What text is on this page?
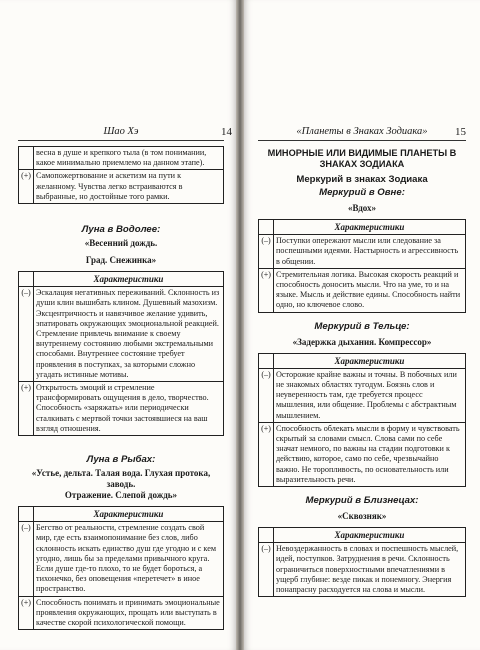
Шао Хэ	14
	весна в душе и крепкого тыла (в том понимании, какое минимально приемлемо на данном этапе).
(+)	Самопожертвование и аскетизм на пути к желанному. Чувства легко встраиваются в выбранные, но достойные того рамки.
Луна в Водолее:
«Весенний дождь.
Град. Снежинка»
	Характеристики
(–)	Эскалация негативных переживаний. Склонность из души клин вышибать клином. Душевный мазохизм. Эксцентричность и навязчивое желание удивить, эпатировать окружающих эмоциональной реакцией. Стремление привлечь внимание к своему внутреннему состоянию любыми экстремальными способами. Внутреннее состояние требует проявления в поступках, за которыми сложно угадать истинные мотивы.
(+)	Открытость эмоций и стремление трансформировать ощущения в дело, творчество. Способность «заряжать» или периодически сталкивать с мертвой точки застоявшиеся на ваш взгляд отношения.
Луна в Рыбах:
«Устье, дельта. Талая вода. Глухая протока, заводь.
Отражение. Слепой дождь»
	Характеристики
(–)	Бегство от реальности, стремление создать свой мир, где есть взаимопонимание без слов, либо склонность искать единство душ где угодно и с кем угодно, лишь бы за пределами привычного круга. Если душе где-то плохо, то не будет бороться, а тихонечко, без оповещения «перетечет» в иное пространство.
(+)	Способность понимать и принимать эмоциональные проявления окружающих, прощать или выступать в качестве скорой психологической помощи.
«Планеты в Знаках Зодиака»	15
МИНОРНЫЕ ИЛИ ВИДИМЫЕ ПЛАНЕТЫ В ЗНАКАХ ЗОДИАКА
Меркурий в знаках Зодиака
Меркурий в Овне:
«Вдох»
	Характеристики
(–)	Поступки опережают мысли или следование за поспешными идеями. Настырность и агрессивность в общении.
(+)	Стремительная логика. Высокая скорость реакций и способность доносить мысли. Что на уме, то и на языке. Мысль и действие едины. Способность найти одно, но ключевое слово.
Меркурий в Тельце:
«Задержка дыхания. Компрессор»
	Характеристики
(–)	Осторожие крайне важны и точны. В побочных или не знакомых областях тугодум. Боязнь слов и неуверенность там, где требуется процесс мышления, или общение. Проблемы с абстрактным мышлением.
(+)	Способность облекать мысли в форму и чувствовать скрытый за словами смысл. Слова сами по себе значат немного, по важны на стадии подготовки к действию, которое, само по себе, чрезвычайно важно. Не торопливость, по основательность или выразительность речи.
Меркурий в Близнецах:
«Сквозняк»
	Характеристики
(–)	Невоздержанность в словах и поспешность мыслей, идей, поступков. Затруднения в речи. Склонность ограничиться поверхностными впечатлениями в ущерб глубине: везде пикак и понемногу. Энергия понапрасну расходуется на слова и мысли.
